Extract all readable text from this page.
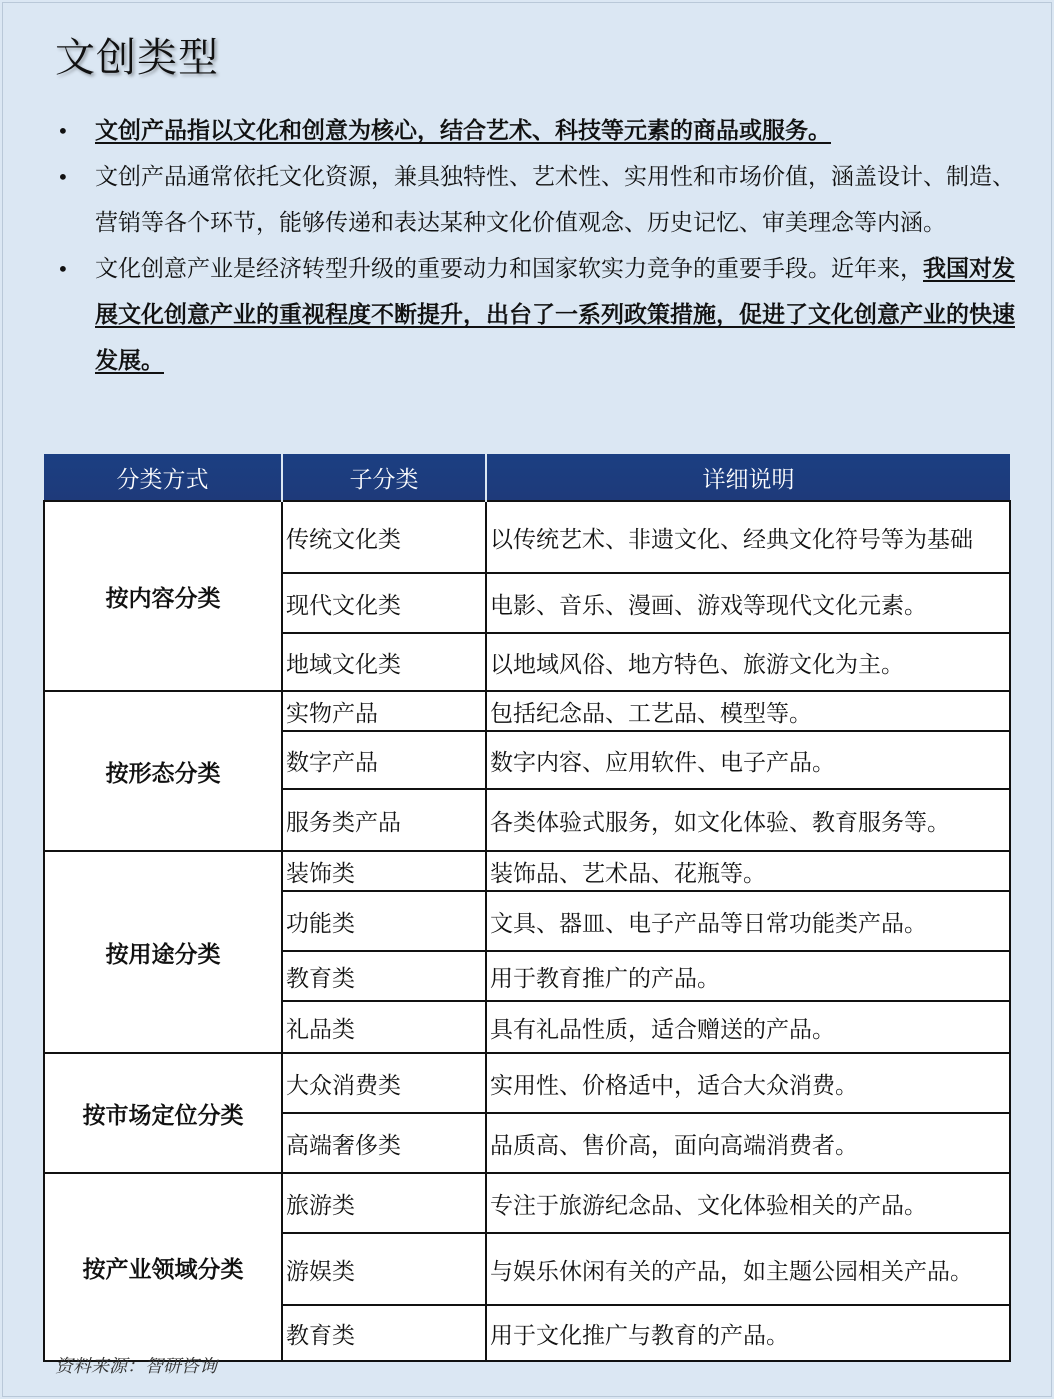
文创类型
• 文创产品指以文化和创意为核心，结合艺术、科技等元素的商品或服务。
• 文创产品通常依托文化资源，兼具独特性、艺术性、实用性和市场价值，涵盖设计、制造、营销等各个环节，能够传递和表达某种文化价值观念、历史记忆、审美理念等内涵。
• 文化创意产业是经济转型升级的重要动力和国家软实力竞争的重要手段。近年来，我国对发展文化创意产业的重视程度不断提升，出台了一系列政策措施，促进了文化创意产业的快速发展。
分类方式	子分类	详细说明
按内容分类	传统文化类	以传统艺术、非遗文化、经典文化符号等为基础
	现代文化类	电影、音乐、漫画、游戏等现代文化元素。
	地域文化类	以地域风俗、地方特色、旅游文化为主。
按形态分类	实物产品	包括纪念品、工艺品、模型等。
	数字产品	数字内容、应用软件、电子产品。
	服务类产品	各类体验式服务，如文化体验、教育服务等。
按用途分类	装饰类	装饰品、艺术品、花瓶等。
	功能类	文具、器皿、电子产品等日常功能类产品。
	教育类	用于教育推广的产品。
	礼品类	具有礼品性质，适合赠送的产品。
按市场定位分类	大众消费类	实用性、价格适中，适合大众消费。
	高端奢侈类	品质高、售价高，面向高端消费者。
按产业领域分类	旅游类	专注于旅游纪念品、文化体验相关的产品。
	游娱类	与娱乐休闲有关的产品，如主题公园相关产品。
	教育类	用于文化推广与教育的产品。
资料来源：智研咨询
